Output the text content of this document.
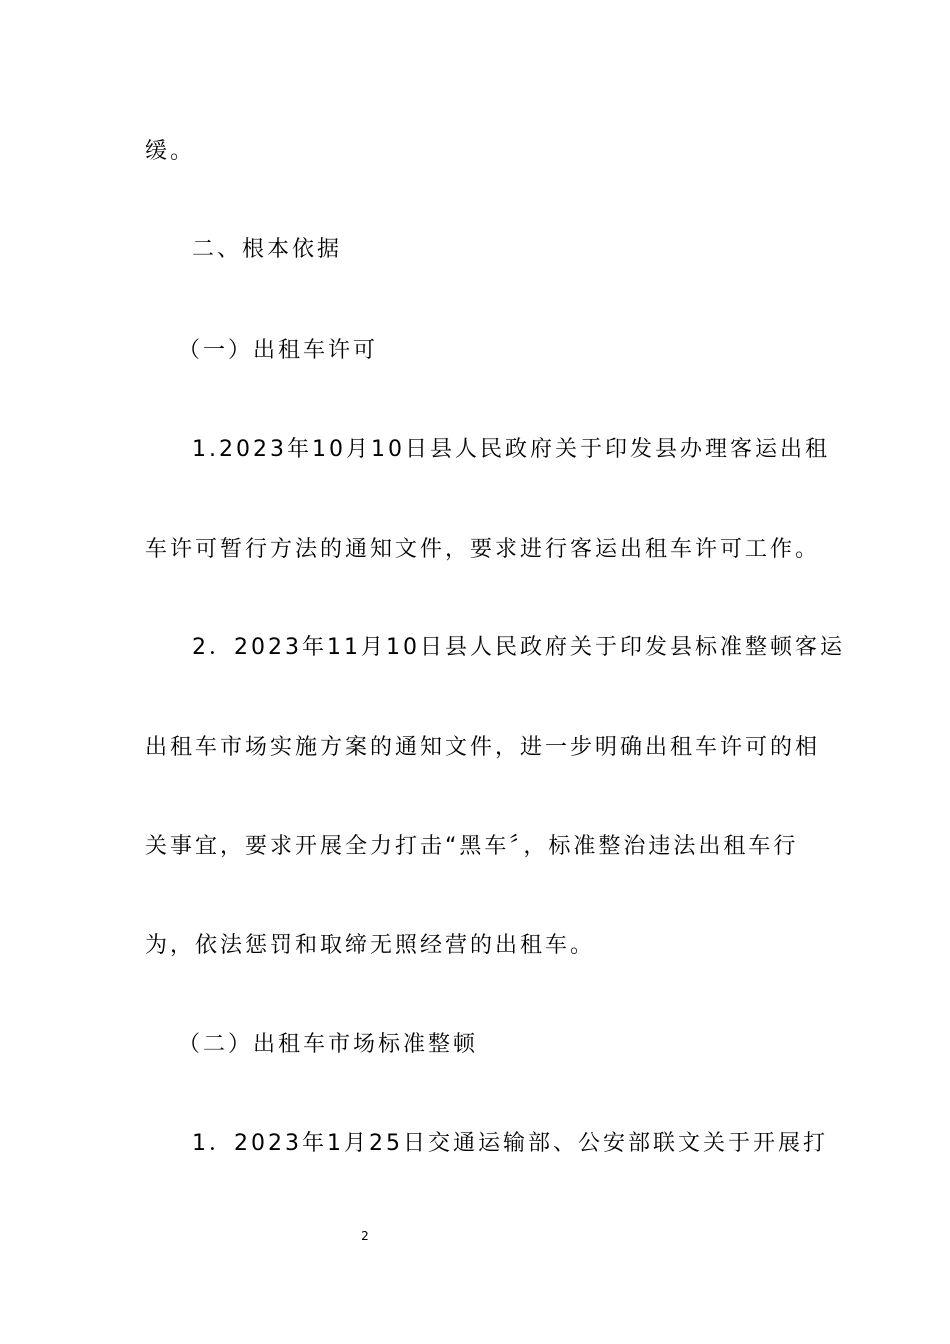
缓。
二、根本依据
（一）出租车许可
1.2023年10月10日县人民政府关于印发县办理客运出租
车许可暂行方法的通知文件，要求进行客运出租车许可工作。
2．2023年11月10日县人民政府关于印发县标准整顿客运
出租车市场实施方案的通知文件，进一步明确出租车许可的相
关事宜，要求开展全力打击“黑车〞，标准整治违法出租车行
为，依法惩罚和取缔无照经营的出租车。
（二）出租车市场标准整顿
1．2023年1月25日交通运输部、公安部联文关于开展打
2
